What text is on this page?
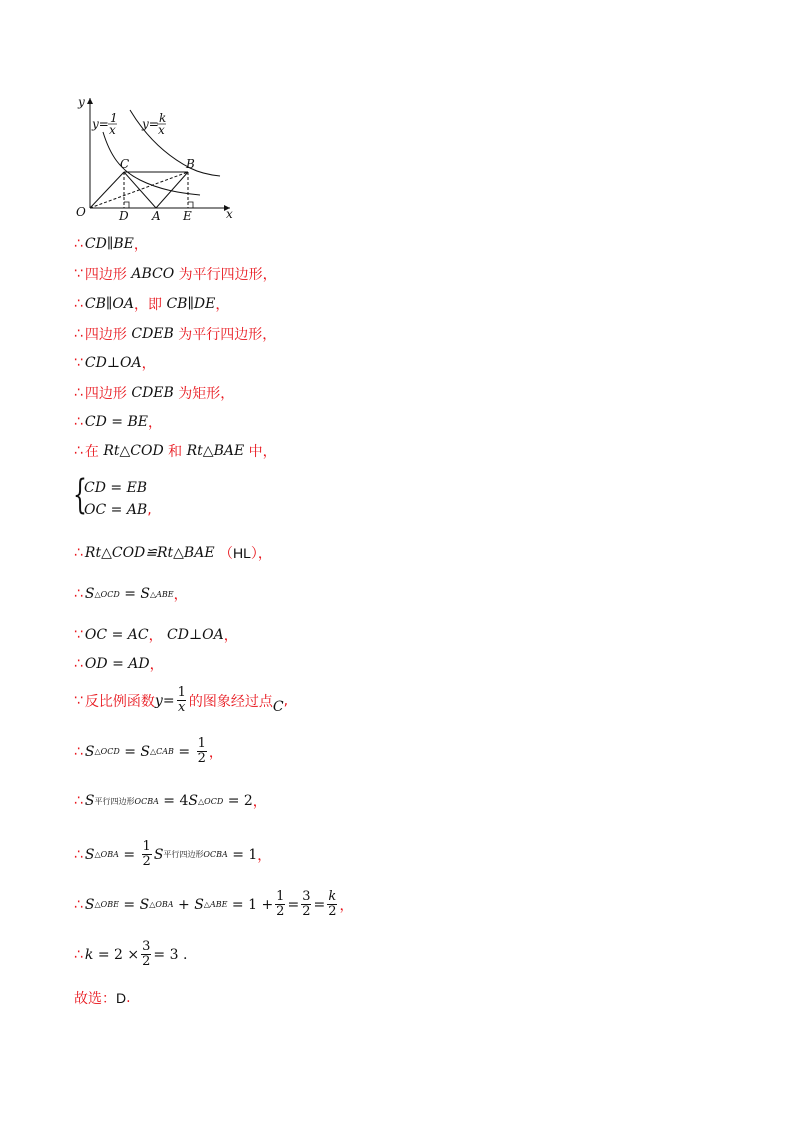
y
x
O
C	B
D A E
y= 1
x y= k
x
∴ CD∥BE ，
∵ 四边形 ABCO 为平行四边形，
∴ CB∥OA ，即 CB∥DE ，
∴ 四边形 CDEB 为平行四边形，
∵ CD⊥OA ，
∴ 四边形 CDEB 为矩形，
∴ CD = BE ，
∴ 在 Rt△COD 和 Rt△BAE 中，
{
CD = EB
OC = AB ,
∴ Rt△COD≌Rt△BAE （ HL ），
∴ S △OCD = S △ABE ，
∵ OC = AC ， CD⊥OA ，
∴ OD = AD ，
∵ 反比例函数 $y = \frac{1}{x}$ 的图象经过点 C ,
∴ S △OCD = S △CAB = $\frac{1}{2}$ ，
∴ S 平行四边形 OCBA = 4 S △OCD = 2 ，
∴ S △OBA = $\frac{1}{2}$ S 平行四边形 OCBA = 1 ，
∴ S △OBE = S △OBA + S △ABE = $1 + \frac{1}{2} = \frac{3}{2} = \frac{k}{2}$ ，
∴ $k = 2 \times \frac{3}{2} = 3$ .
故选： D .
